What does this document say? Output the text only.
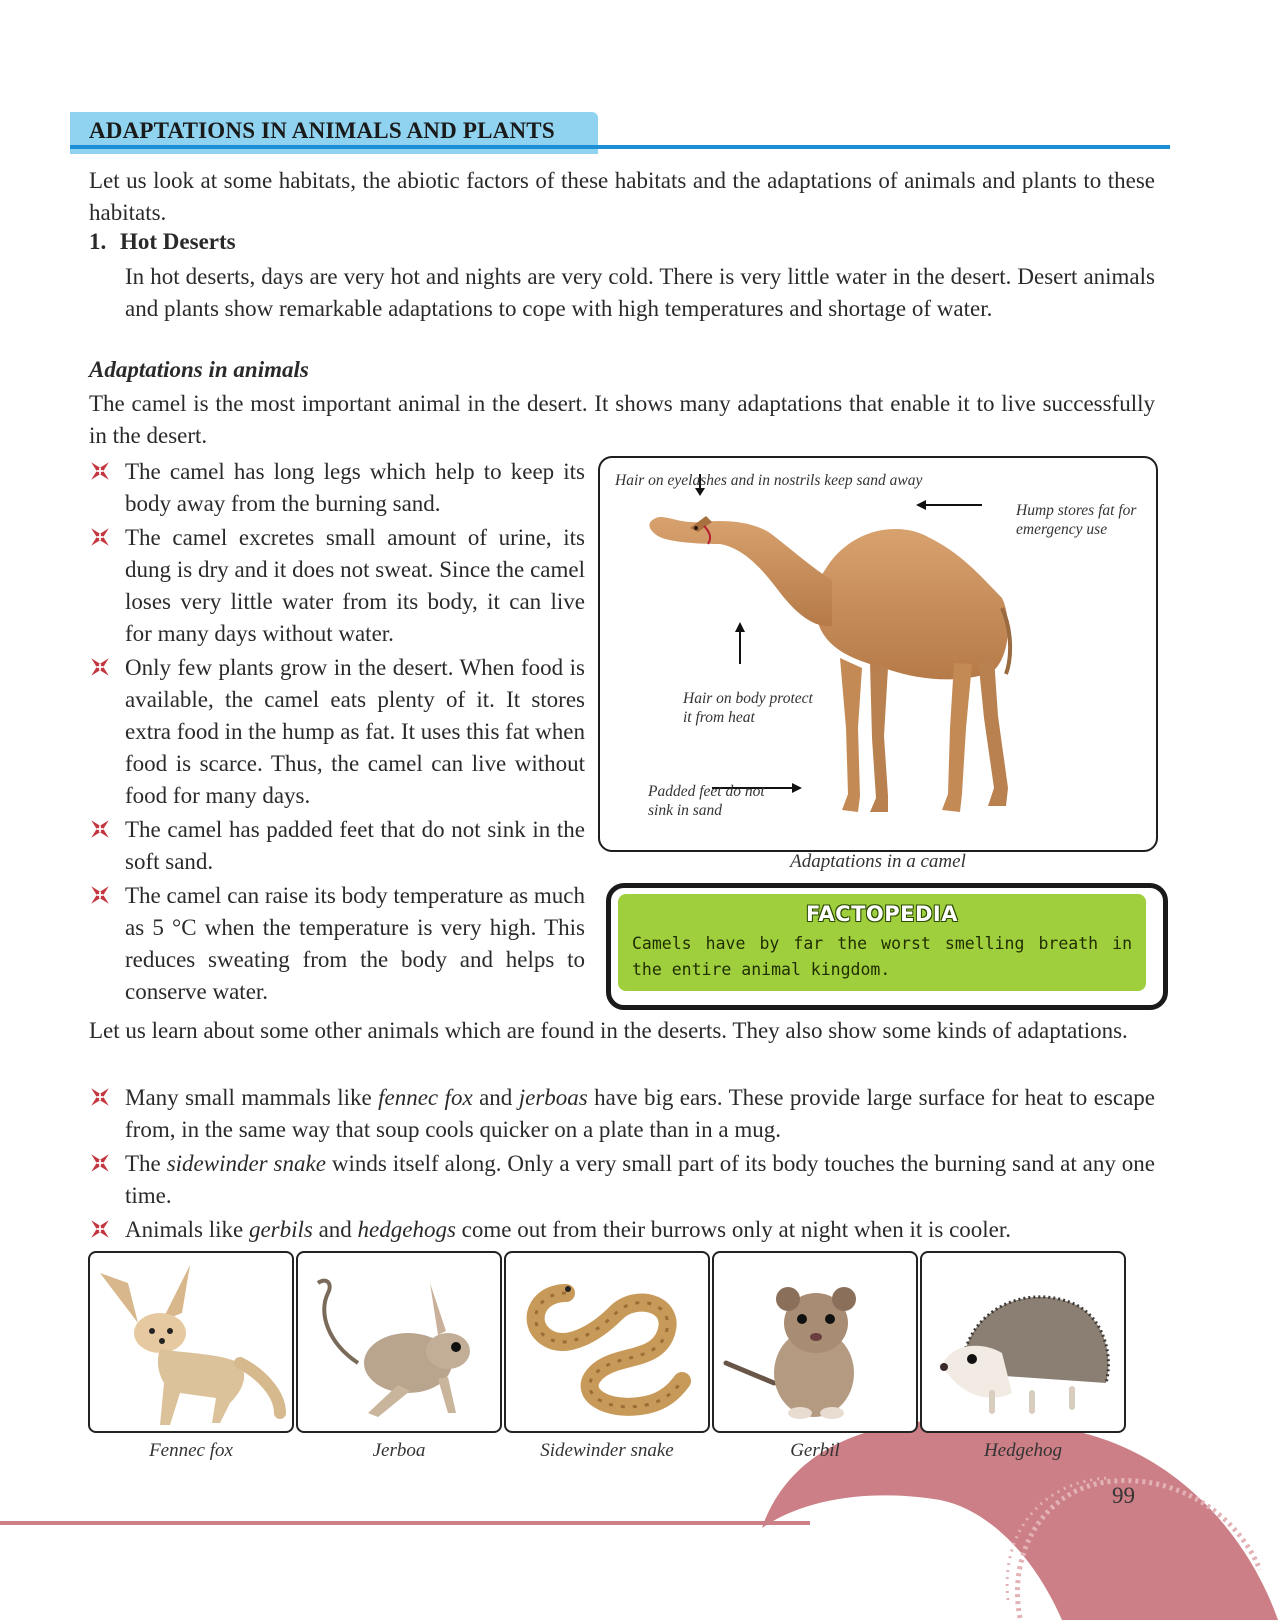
ADAPTATIONS IN ANIMALS AND PLANTS

Let us look at some habitats, the abiotic factors of these habitats and the adaptations of animals and plants to these habitats.

1. Hot Deserts

In hot deserts, days are very hot and nights are very cold. There is very little water in the desert. Desert animals and plants show remarkable adaptations to cope with high temperatures and shortage of water.

Adaptations in animals

The camel is the most important animal in the desert. It shows many adaptations that enable it to live successfully in the desert.

The camel has long legs which help to keep its body away from the burning sand.

The camel excretes small amount of urine, its dung is dry and it does not sweat. Since the camel loses very little water from its body, it can live for many days without water.

Only few plants grow in the desert. When food is available, the camel eats plenty of it. It stores extra food in the hump as fat. It uses this fat when food is scarce. Thus, the camel can live without food for many days.

The camel has padded feet that do not sink in the soft sand.

The camel can raise its body temperature as much as 5 °C when the temperature is very high. This reduces sweating from the body and helps to conserve water.

Hair on eyelashes and in nostrils keep sand away
Hump stores fat for
emergency use
Hair on body protect
it from heat
Padded feet do not
sink in sand
Adaptations in a camel
FACTOPEDIA
Camels have by far the worst smelling breath in the entire animal kingdom.

Let us learn about some other animals which are found in the deserts. They also show some kinds of adaptations.

Many small mammals like fennec fox and jerboas have big ears. These provide large surface for heat to escape from, in the same way that soup cools quicker on a plate than in a mug.

The sidewinder snake winds itself along. Only a very small part of its body touches the burning sand at any one time.

Animals like gerbils and hedgehogs come out from their burrows only at night when it is cooler.

Fennec fox	Jerboa	Sidewinder snake	Gerbil	Hedgehog
99
